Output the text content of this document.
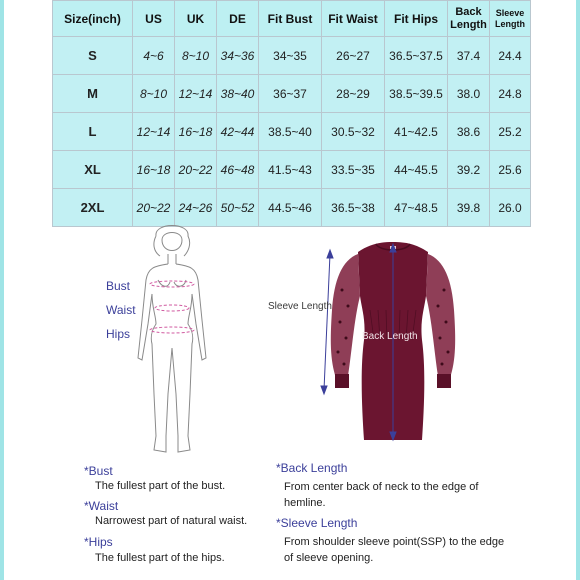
Size(inch)	US	UK	DE	Fit Bust	Fit Waist	Fit Hips	Back Length	Sleeve Length
S	4~6	8~10	34~36	34~35	26~27	36.5~37.5	37.4	24.4
M	8~10	12~14	38~40	36~37	28~29	38.5~39.5	38.0	24.8
L	12~14	16~18	42~44	38.5~40	30.5~32	41~42.5	38.6	25.2
XL	16~18	20~22	46~48	41.5~43	33.5~35	44~45.5	39.2	25.6
2XL	20~22	24~26	50~52	44.5~46	36.5~38	47~48.5	39.8	26.0
Bust
Waist
Hips
Sleeve Length
Back Length
*Bust
The fullest part of the bust.
*Waist
Narrowest part of natural waist.
*Hips
The fullest part of the hips.
*Back Length
From center back of neck to the edge of hemline.
*Sleeve Length
From shoulder sleeve point(SSP) to the edge of sleeve opening.
